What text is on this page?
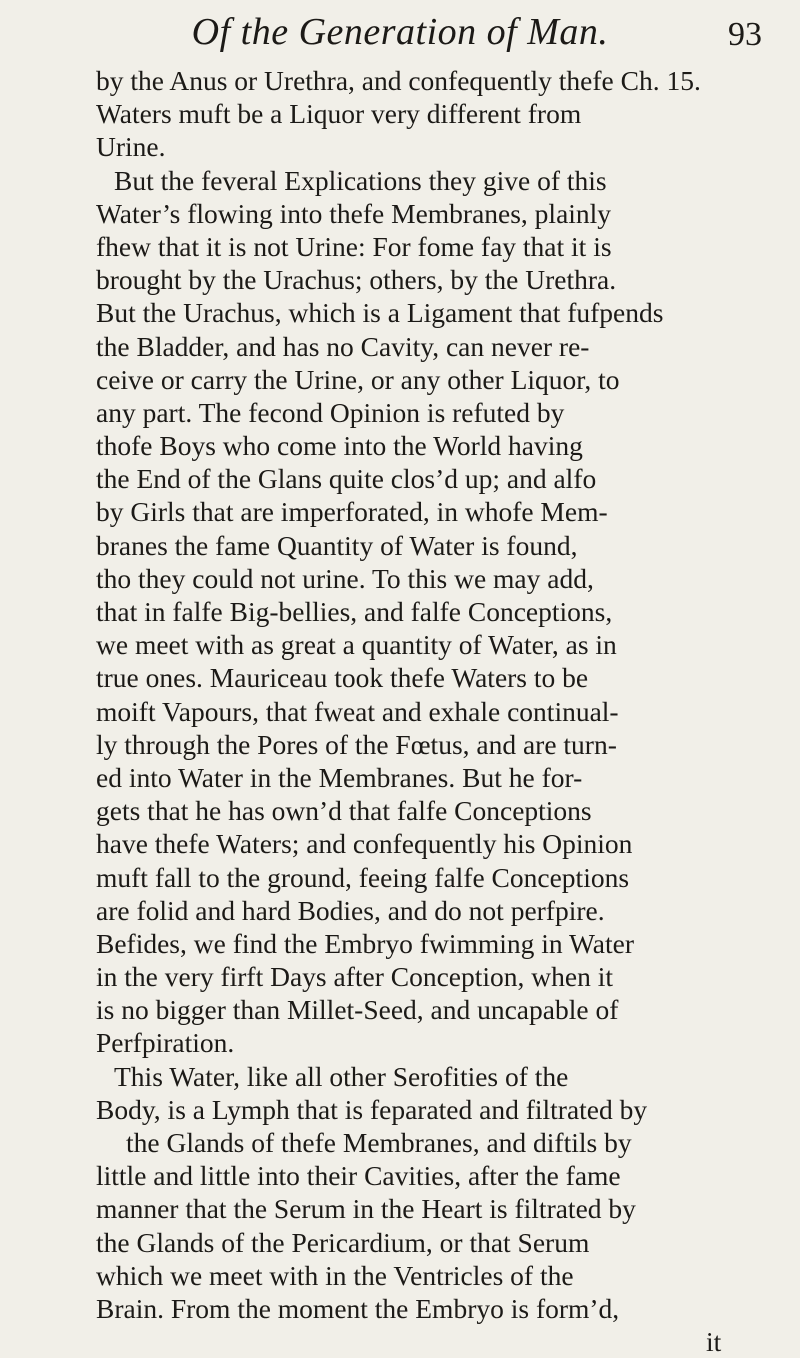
Of the Generation of Man.	93
by the Anus or Urethra, and confequently thefe Ch. 15.
Waters muft be a Liquor very different from
Urine.
But the feveral Explications they give of this
Water’s flowing into thefe Membranes, plainly
fhew that it is not Urine: For fome fay that it is
brought by the Urachus; others, by the Urethra.
But the Urachus, which is a Ligament that fufpends
the Bladder, and has no Cavity, can never re-
ceive or carry the Urine, or any other Liquor, to
any part. The fecond Opinion is refuted by
thofe Boys who come into the World having
the End of the Glans quite clos’d up; and alfo
by Girls that are imperforated, in whofe Mem-
branes the fame Quantity of Water is found,
tho they could not urine. To this we may add,
that in falfe Big-bellies, and falfe Conceptions,
we meet with as great a quantity of Water, as in
true ones. Mauriceau took thefe Waters to be
moift Vapours, that fweat and exhale continual-
ly through the Pores of the Fœtus, and are turn-
ed into Water in the Membranes. But he for-
gets that he has own’d that falfe Conceptions
have thefe Waters; and confequently his Opinion
muft fall to the ground, feeing falfe Conceptions
are folid and hard Bodies, and do not perfpire.
Befides, we find the Embryo fwimming in Water
in the very firft Days after Conception, when it
is no bigger than Millet-Seed, and uncapable of
Perfpiration.
This Water, like all other Serofities of the
Body, is a Lymph that is feparated and filtrated by
the Glands of thefe Membranes, and diftils by
little and little into their Cavities, after the fame
manner that the Serum in the Heart is filtrated by
the Glands of the Pericardium, or that Serum
which we meet with in the Ventricles of the
Brain. From the moment the Embryo is form’d,
it
